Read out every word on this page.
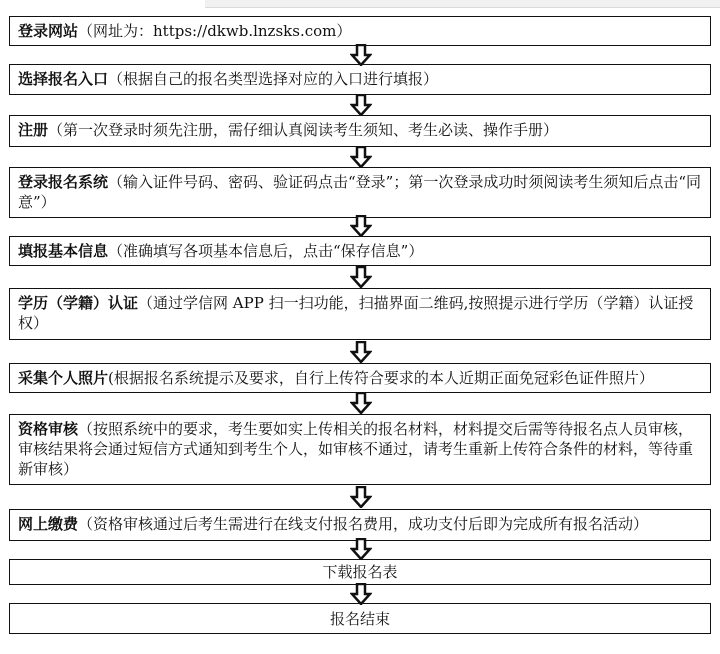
登录网站（网址为：https://dkwb.lnzsks.com）

选择报名入口（根据自己的报名类型选择对应的入口进行填报）

注册（第一次登录时须先注册，需仔细认真阅读考生须知、考生必读、操作手册）

登录报名系统（输入证件号码、密码、验证码点击“登录”；第一次登录成功时须阅读考生须知后点击“同意”）

填报基本信息（准确填写各项基本信息后，点击“保存信息”）

学历（学籍）认证（通过学信网 APP 扫一扫功能，扫描界面二维码,按照提示进行学历（学籍）认证授权）

采集个人照片(根据报名系统提示及要求，自行上传符合要求的本人近期正面免冠彩色证件照片）

资格审核（按照系统中的要求，考生要如实上传相关的报名材料，材料提交后需等待报名点人员审核，审核结果将会通过短信方式通知到考生个人，如审核不通过，请考生重新上传符合条件的材料，等待重新审核）

网上缴费（资格审核通过后考生需进行在线支付报名费用，成功支付后即为完成所有报名活动）

下载报名表

报名结束
